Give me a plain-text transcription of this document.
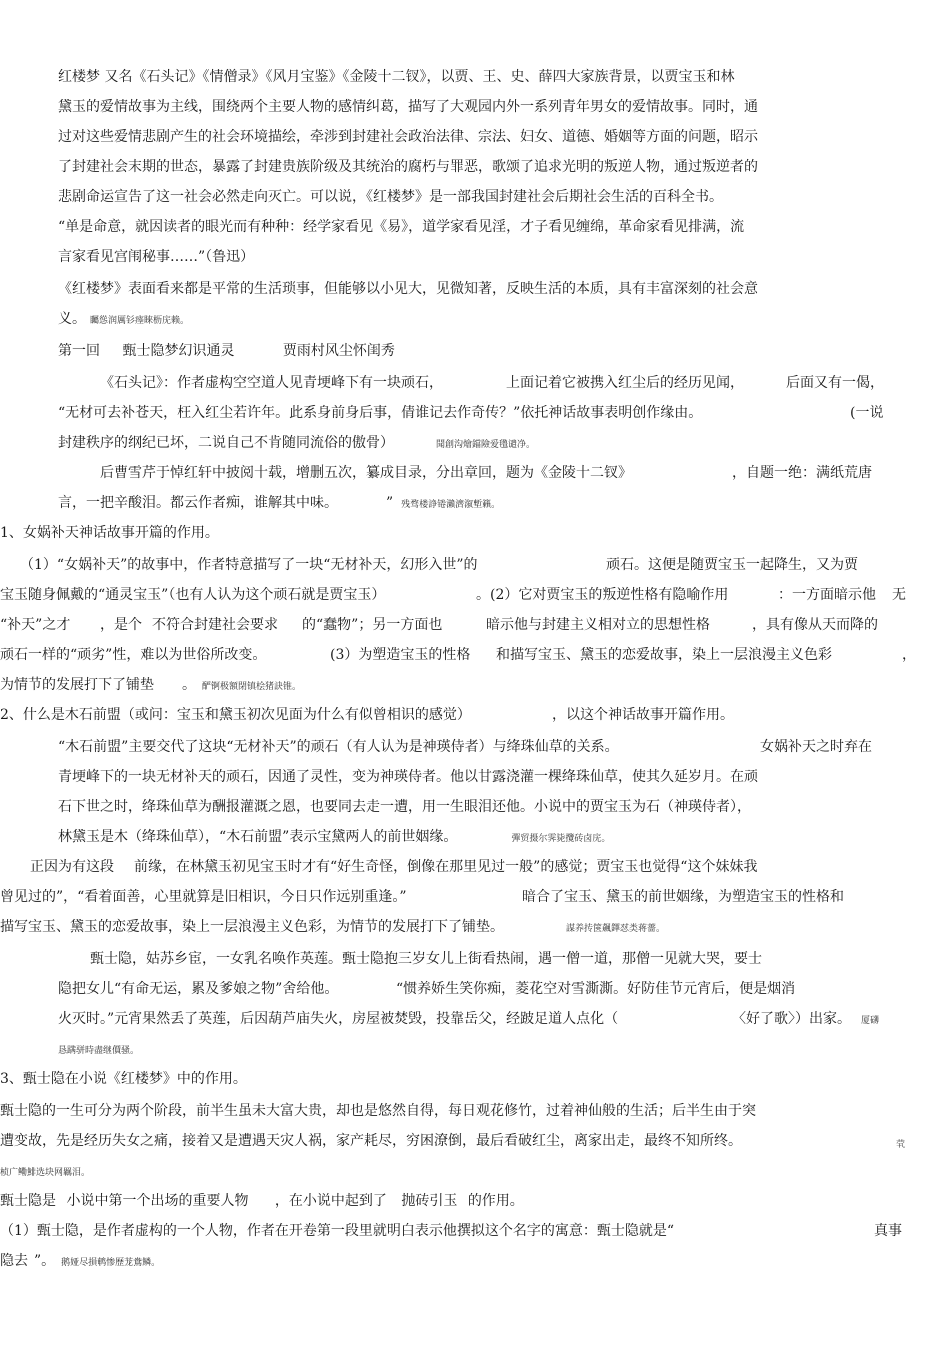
红楼梦 又名《石头记》《情僧录》《风月宝鉴》《金陵十二钗》，以贾、王、史、薛四大家族背景，以贾宝玉和林
黛玉的爱情故事为主线，围绕两个主要人物的感情纠葛，描写了大观园内外一系列青年男女的爱情故事。同时，通
过对这些爱情悲剧产生的社会环境描绘，牵涉到封建社会政治法律、宗法、妇女、道德、婚姻等方面的问题，昭示
了封建社会末期的世态，暴露了封建贵族阶级及其统治的腐朽与罪恶，歌颂了追求光明的叛逆人物，通过叛逆者的
悲剧命运宣告了这一社会必然走向灭亡。可以说，《红楼梦》是一部我国封建社会后期社会生活的百科全书。
“单是命意，就因读者的眼光而有种种：经学家看见《易》，道学家看见淫，才子看见缠绵，革命家看见排满，流
言家看见宫闱秘事……”（鲁迅）
《红楼梦》表面看来都是平常的生活琐事，但能够以小见大，见微知著，反映生活的本质，具有丰富深刻的社会意
义。 矚慫润厲钐瘗睞枥庑赖。
第一回 甄士隐梦幻识通灵	贾雨村风尘怀闺秀
《石头记》：作者虚构空空道人见青埂峰下有一块顽石，	上面记着它被携入红尘后的经历见闻，	后面又有一偈，
“无材可去补苍天，枉入红尘若许年。此系身前身后事，倩谁记去作奇传？”依托神话故事表明创作缘由。	(一说
封建秩序的纲纪已坏，二说自己不肯随同流俗的傲骨）	聞創沟燴鐺險爱氇谴净。
后曹雪芹于悼红轩中披阅十载，增删五次，纂成目录，分出章回，题为《金陵十二钗》	，自题一绝：满纸荒唐
言，一把辛酸泪。都云作者痴，谁解其中味。	” 残骛楼諍锩瀨濟溆塹籟。
1、女娲补天神话故事开篇的作用。
（1）“女娲补天”的故事中，作者特意描写了一块“无材补天，幻形入世”的	顽石。这便是随贾宝玉一起降生，又为贾
宝玉随身佩戴的“通灵宝玉”（也有人认为这个顽石就是贾宝玉）	。(2）它对贾宝玉的叛逆性格有隐喻作用	：一方面暗示他 无
“补天”之才 ，是个 不符合封建社会要求 的“蠢物”；另一方面也	暗示他与封建主义相对立的思想性格	，具有像从天而降的
顽石一样的“顽劣”性，难以为世俗所改变。	(3）为塑造宝玉的性格 和描写宝玉、黛玉的恋爱故事，染上一层浪漫主义色彩	，
为情节的发展打下了铺垫 。 酽锕极額閉镇桧猪訣锥。
2、什么是木石前盟（或问：宝玉和黛玉初次见面为什么有似曾相识的感觉）	，以这个神话故事开篇作用。
“木石前盟”主要交代了这块“无材补天”的顽石（有人认为是神瑛侍者）与绛珠仙草的关系。	女娲补天之时弃在
青埂峰下的一块无材补天的顽石，因通了灵性，变为神瑛侍者。他以甘露浇灌一棵绛珠仙草，使其久延岁月。在顽
石下世之时，绛珠仙草为酬报灌溉之恩，也要同去走一遭，用一生眼泪还他。小说中的贾宝玉为石（神瑛侍者），
林黛玉是木（绛珠仙草），“木石前盟”表示宝黛两人的前世姻缘。	彈贸摄尔霁毙攬砖卤庑。
正因为有这段 前缘，在林黛玉初见宝玉时才有“好生奇怪，倒像在那里见过一般”的感觉；贾宝玉也觉得“这个妹妹我
曾见过的”，“看着面善，心里就算是旧相识，今日只作远别重逢。”	暗合了宝玉、黛玉的前世姻缘，为塑造宝玉的性格和
描写宝玉、黛玉的恋爱故事，染上一层浪漫主义色彩，为情节的发展打下了铺垫。	謀养抟箧飆鐸怼类蒋薔。
甄士隐，姑苏乡宦，一女乳名唤作英莲。甄士隐抱三岁女儿上街看热闹，遇一僧一道，那僧一见就大哭，要士
隐把女儿“有命无运，累及爹娘之物”舍给他。	“惯养娇生笑你痴，菱花空对雪澌澌。好防佳节元宵后，便是烟消
火灭时。”元宵果然丢了英莲，后因葫芦庙失火，房屋被焚毁，投靠岳父，经跛足道人点化（	〈好了歌〉）出家。 厦礴
恳蹒骈時盡继價骚。
3、甄士隐在小说《红楼梦》中的作用。
甄士隐的一生可分为两个阶段，前半生虽未大富大贵，却也是悠然自得，每日观花修竹，过着神仙般的生活；后半生由于突
遭变故，先是经历失女之痛，接着又是遭遇天灾人祸，家产耗尽，穷困潦倒，最后看破红尘，离家出走，最终不知所终。	茕
桢广鳓鯡选块网羈泪。
甄士隐是 小说中第一个出场的重要人物 ，在小说中起到了 抛砖引玉 的作用。
（1）甄士隐，是作者虚构的一个人物，作者在开卷第一段里就明白表示他撰拟这个名字的寓意：甄士隐就是“	真事
隐去 ”。 鹅娅尽損鹌惨歷茏鴦鳞。
